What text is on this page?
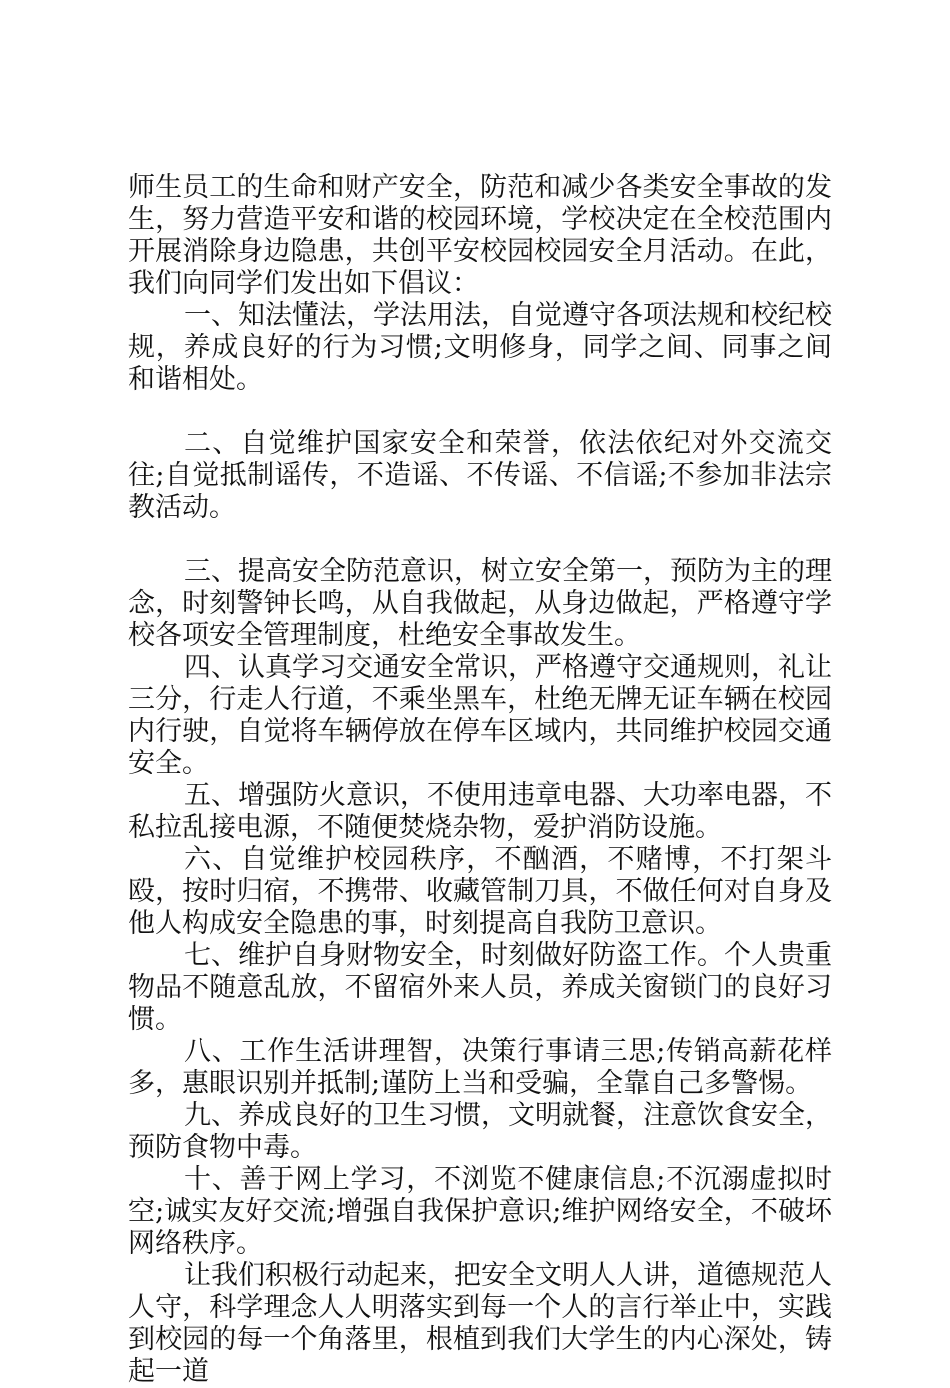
师生员工的生命和财产安全，防范和减少各类安全事故的发生，努力营造平安和谐的校园环境，学校决定在全校范围内开展消除身边隐患，共创平安校园校园安全月活动。在此，我们向同学们发出如下倡议：

一、知法懂法，学法用法，自觉遵守各项法规和校纪校规，养成良好的行为习惯;文明修身，同学之间、同事之间和谐相处。

二、自觉维护国家安全和荣誉，依法依纪对外交流交往;自觉抵制谣传，不造谣、不传谣、不信谣;不参加非法宗教活动。

三、提高安全防范意识，树立安全第一，预防为主的理念，时刻警钟长鸣，从自我做起，从身边做起，严格遵守学校各项安全管理制度，杜绝安全事故发生。

四、认真学习交通安全常识，严格遵守交通规则，礼让三分，行走人行道，不乘坐黑车，杜绝无牌无证车辆在校园内行驶，自觉将车辆停放在停车区域内，共同维护校园交通安全。

五、增强防火意识，不使用违章电器、大功率电器，不私拉乱接电源，不随便焚烧杂物，爱护消防设施。

六、自觉维护校园秩序，不酗酒，不赌博，不打架斗殴，按时归宿，不携带、收藏管制刀具，不做任何对自身及他人构成安全隐患的事，时刻提高自我防卫意识。

七、维护自身财物安全，时刻做好防盗工作。个人贵重物品不随意乱放，不留宿外来人员，养成关窗锁门的良好习惯。

八、工作生活讲理智，决策行事请三思;传销高薪花样多，惠眼识别并抵制;谨防上当和受骗，全靠自己多警惕。

九、养成良好的卫生习惯，文明就餐，注意饮食安全，预防食物中毒。

十、善于网上学习，不浏览不健康信息;不沉溺虚拟时空;诚实友好交流;增强自我保护意识;维护网络安全，不破坏网络秩序。

让我们积极行动起来，把安全文明人人讲，道德规范人人守，科学理念人人明落实到每一个人的言行举止中，实践到校园的每一个角落里，根植到我们大学生的内心深处，铸起一道
